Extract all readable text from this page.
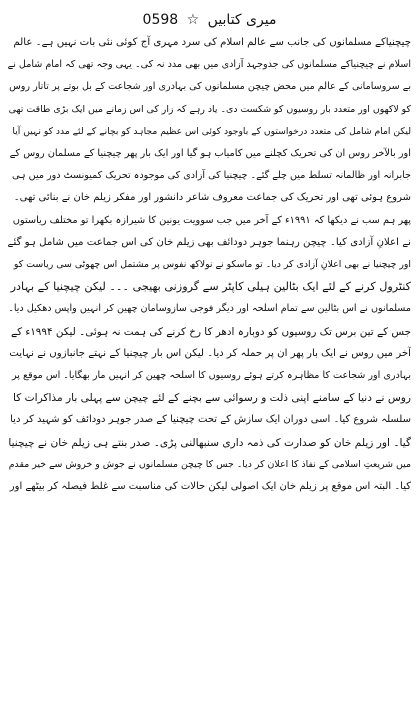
میری کتابیں ☆ 0598
چیچنیاکے مسلمانوں کی جانب سے عالم اسلام کی سرد مہری آج کوئی نئی بات نہیں ہے۔ عالم
اسلام نے چیچنیاکے مسلمانوں کی جدوجہد آزادی میں بھی مدد نہ کی۔ یہی وجہ تھی کہ امام شامل نے
بے سروسامانی کے عالم میں محض چیچن مسلمانوں کی بہادری اور شجاعت کے بل بوتے پر تاتار روس
کو لاکھوں اور متعدد بار روسیوں کو شکست دی۔ یاد رہے کہ زار کی اس زمانے میں ایک بڑی طاقت تھی
لیکن امام شامل کی متعدد درخواستوں کے باوجود کوئی اس عظیم مجاہد کو بچانے کے لئے مدد کو نہیں آیا
اور بالآخر روس ان کی تحریک کچلنے میں کامیاب ہو گیا اور ایک بار پھر چیچنیا کے مسلمان روس کے
جابرانہ اور ظالمانہ تسلط میں چلے گئے۔ چیچنیا کی آزادی کی موجودہ تحریک کمیونسٹ دور میں ہی
شروع ہوئی تھی اور تحریک کی جماعت معروف شاعر دانشور اور مفکر زیلم خان نے بنائی تھی۔
پھر ہم سب نے دیکھا کہ ۱۹۹۱ء کے آخر میں جب سوویت یونین کا شیرازہ بکھرا تو مختلف ریاستوں
نے اعلانِ آزادی کیا۔ چیچن رہنما جوہر دودائف بھی زیلم خان کی اس جماعت میں شامل ہو گئے
اور چیچنیا نے بھی اعلانِ آزادی کر دیا۔ تو ماسکو نے نولاکھ نفوس پر مشتمل اس چھوٹی سی ریاست کو
کنٹرول کرنے کے لئے ایک بٹالین ہیلی کاپٹر سے گروزنی بھیجی ۔۔۔ لیکن چیچنیا کے بہادر
مسلمانوں نے اس بٹالین سے تمام اسلحہ اور دیگر فوجی سازوسامان چھین کر انہیں واپس دھکیل دیا۔
جس کے تین برس تک روسیوں کو دوبارہ ادھر کا رخ کرنے کی ہمت نہ ہوئی۔ لیکن ۱۹۹۴ء کے
آخر میں روس نے ایک بار پھر ان پر حملہ کر دیا۔ لیکن اس بار چیچنیا کے نہتے جانبازوں نے نہایت
بہادری اور شجاعت کا مظاہرہ کرتے ہوئے روسیوں کا اسلحہ چھین کر انہیں مار بھگایا۔ اس موقع پر
روس نے دنیا کے سامنے اپنی ذلت و رسوائی سے بچنے کے لئے چیچن سے پہلی بار مذاکرات کا
سلسلہ شروع کیا۔ اسی دوران ایک سازش کے تحت چیچنیا کے صدر جوہر دودائف کو شہید کر دیا
گیا۔ اور زیلم خان کو صدارت کی ذمہ داری سنبھالنی پڑی۔ صدر بنتے ہی زیلم خان نے چیچنیا
میں شریعتِ اسلامی کے نفاذ کا اعلان کر دیا۔ جس کا چیچن مسلمانوں نے جوش و خروش سے خیر مقدم
کیا۔ البتہ اس موقع پر زیلم خان ایک اصولی لیکن حالات کی مناسبت سے غلط فیصلہ کر بیٹھے اور
